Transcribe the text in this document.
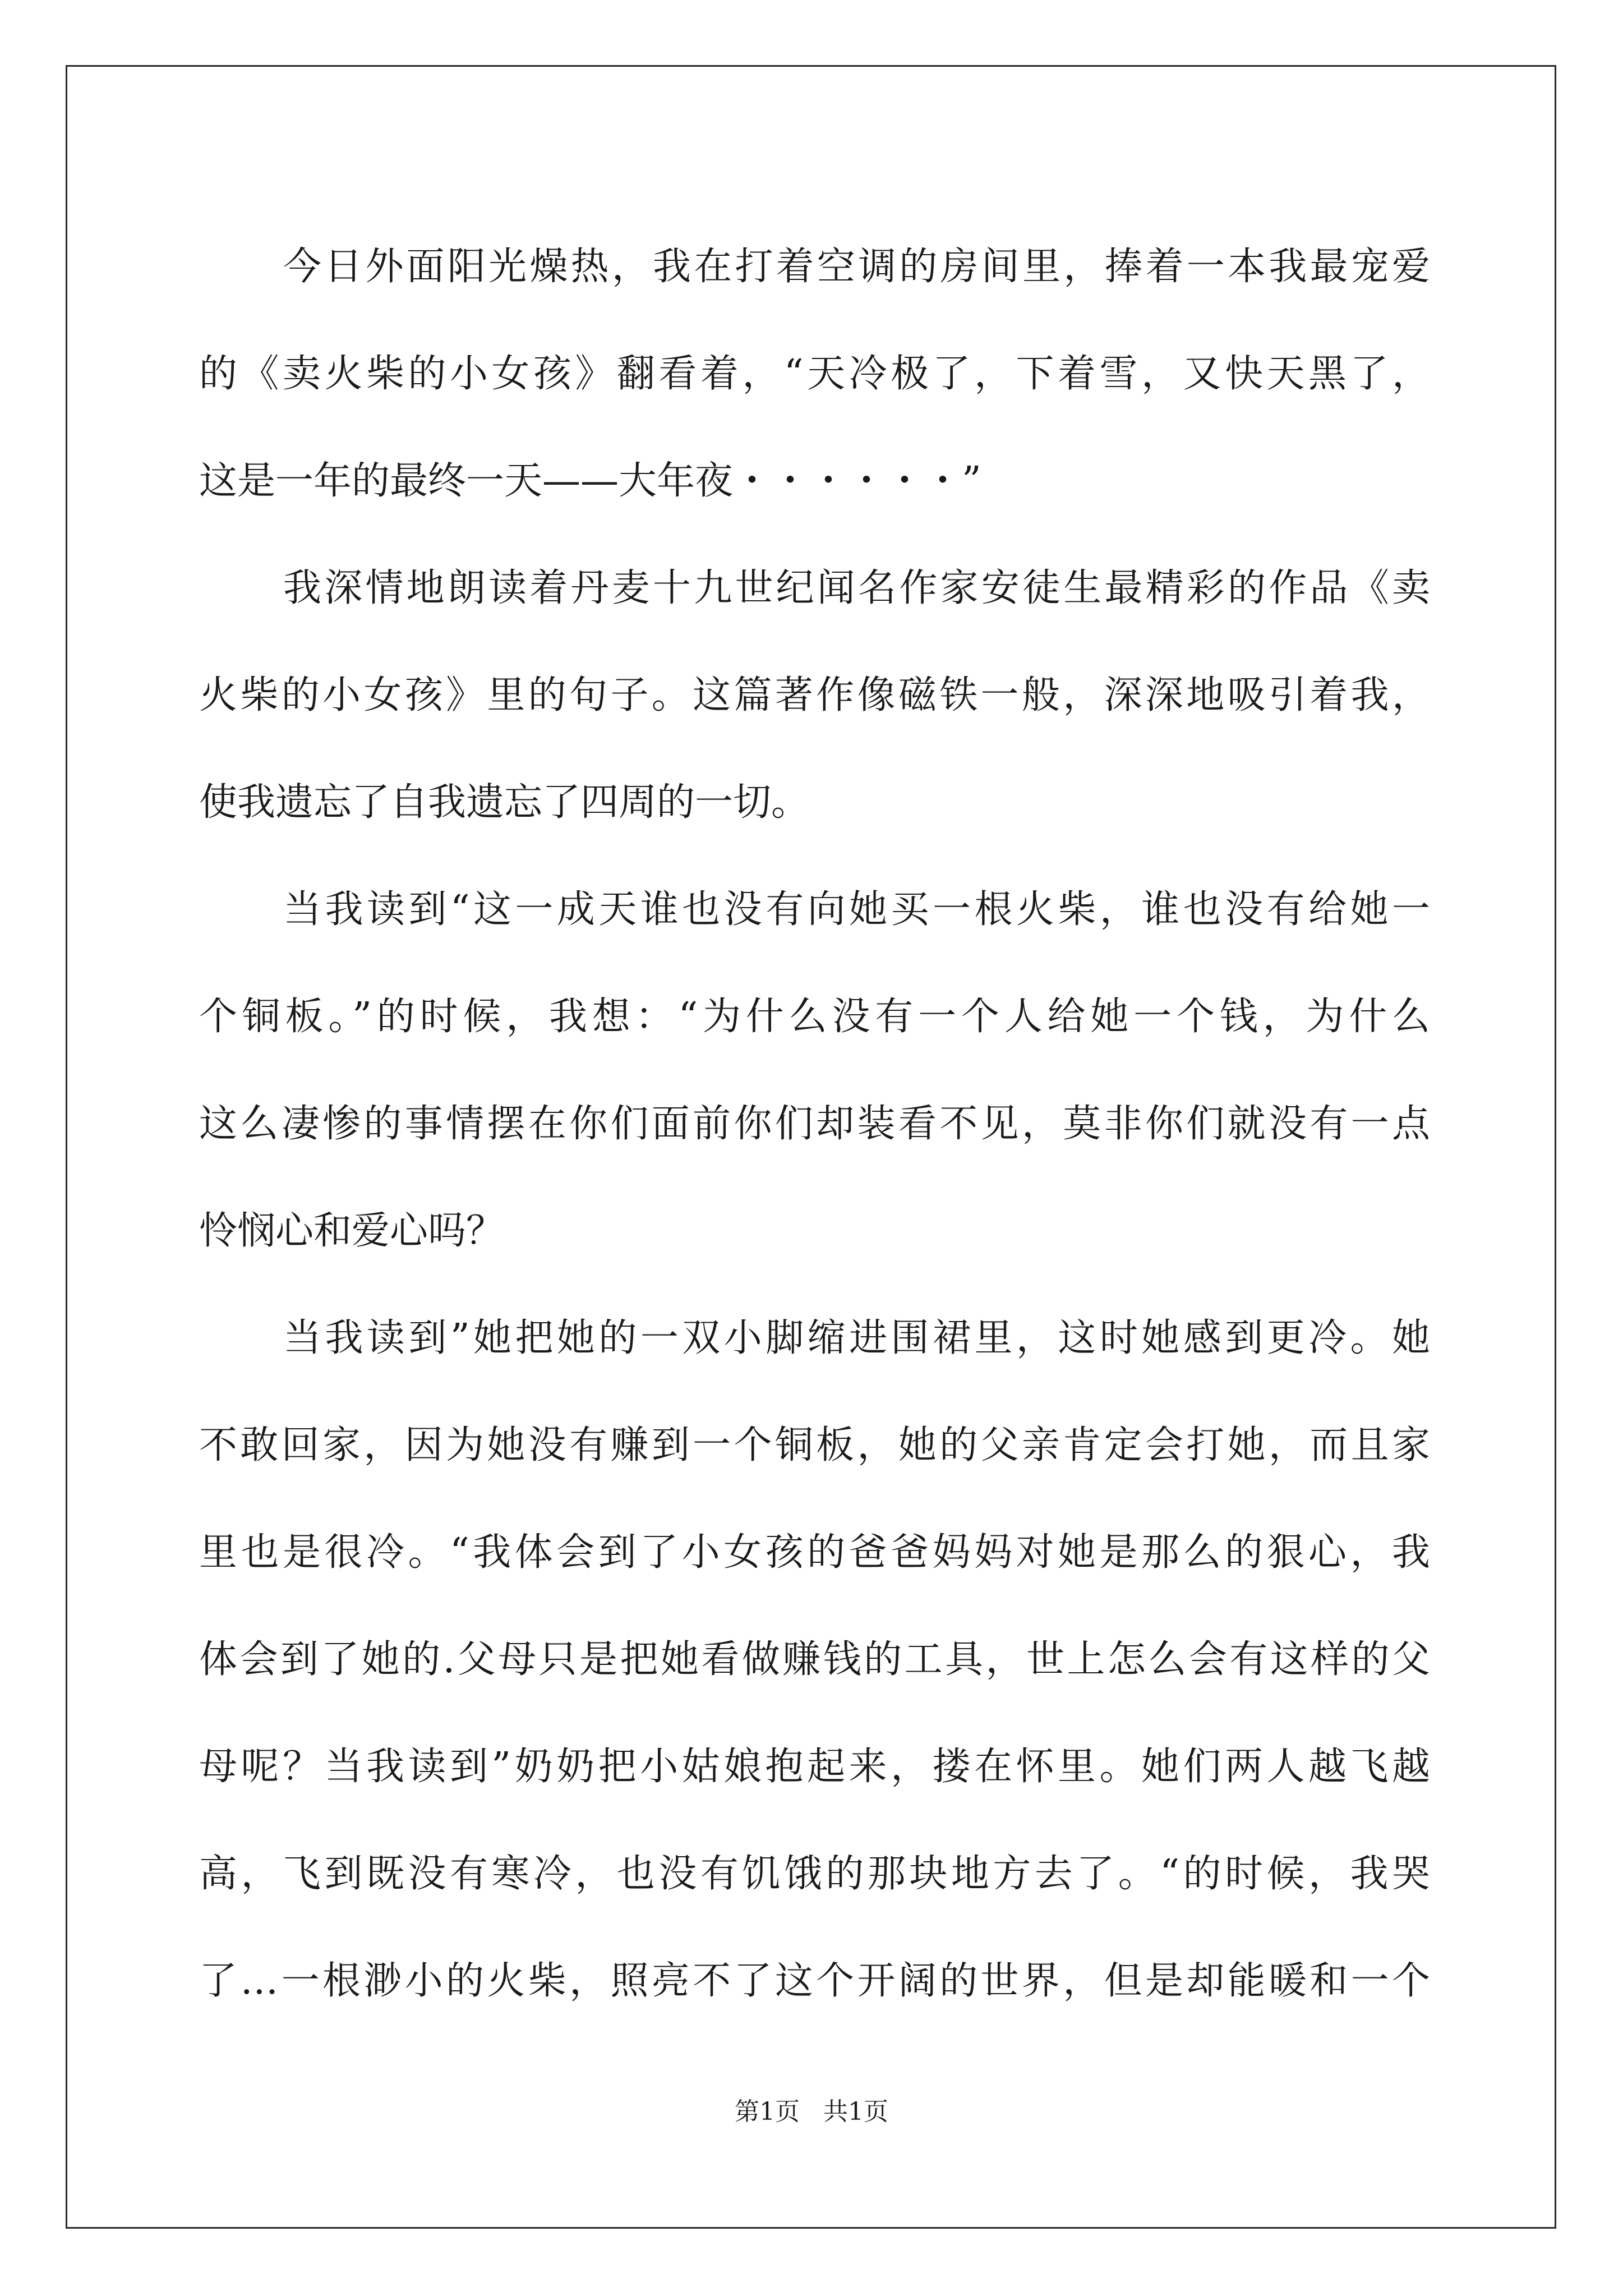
今日外面阳光燥热，我在打着空调的房间里，捧着一本我最宠爱
的《卖火柴的小女孩》翻看着，“天冷极了，下着雪，又快天黑了，
这是一年的最终一天——大年夜・・・・・・”
我深情地朗读着丹麦十九世纪闻名作家安徒生最精彩的作品《卖
火柴的小女孩》里的句子。这篇著作像磁铁一般，深深地吸引着我，
使我遗忘了自我遗忘了四周的一切。
当我读到“这一成天谁也没有向她买一根火柴，谁也没有给她一
个铜板。”的时候，我想：“为什么没有一个人给她一个钱，为什么
这么凄惨的事情摆在你们面前你们却装看不见，莫非你们就没有一点
怜悯心和爱心吗？
当我读到”她把她的一双小脚缩进围裙里，这时她感到更冷。她
不敢回家，因为她没有赚到一个铜板，她的父亲肯定会打她，而且家
里也是很冷。“我体会到了小女孩的爸爸妈妈对她是那么的狠心，我
体会到了她的.父母只是把她看做赚钱的工具，世上怎么会有这样的父
母呢？当我读到”奶奶把小姑娘抱起来，搂在怀里。她们两人越飞越
高，飞到既没有寒冷，也没有饥饿的那块地方去了。“的时候，我哭
了…一根渺小的火柴，照亮不了这个开阔的世界，但是却能暖和一个
第1页   共1页
